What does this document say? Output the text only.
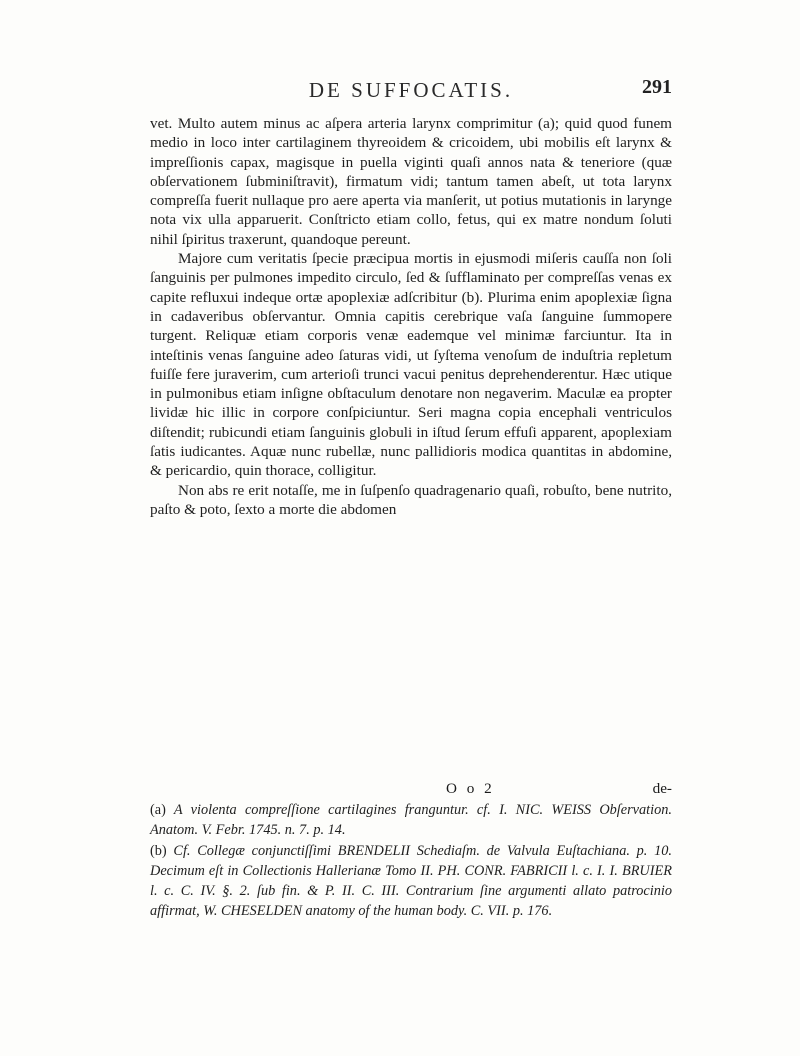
DE SUFFOCATIS.	291

vet. Multo autem minus ac aſpera arteria larynx comprimitur (a); quid quod funem medio in loco inter cartilaginem thyreoidem & cricoidem, ubi mobilis eſt larynx & impreſſionis capax, magisque in puella viginti quaſi annos nata & teneriore (quæ obſervationem ſubminiſtravit), firmatum vidi; tantum tamen abeſt, ut tota larynx compreſſa fuerit nullaque pro aere aperta via manſerit, ut potius mutationis in larynge nota vix ulla apparuerit. Conſtricto etiam collo, fetus, qui ex matre nondum ſoluti nihil ſpiritus traxerunt, quandoque pereunt.

Majore cum veritatis ſpecie præcipua mortis in ejusmodi miſeris cauſſa non ſoli ſanguinis per pulmones impedito circulo, ſed & ſufflaminato per compreſſas venas ex capite refluxui indeque ortæ apoplexiæ adſcribitur (b). Plurima enim apoplexiæ ſigna in cadaveribus obſervantur. Omnia capitis cerebrique vaſa ſanguine ſummopere turgent. Reliquæ etiam corporis venæ eademque vel minimæ farciuntur. Ita in inteſtinis venas ſanguine adeo ſaturas vidi, ut ſyſtema venoſum de induſtria repletum fuiſſe fere juraverim, cum arterioſi trunci vacui penitus deprehenderentur. Hæc utique in pulmonibus etiam inſigne obſtaculum denotare non negaverim. Maculæ ea propter lividæ hic illic in corpore conſpiciuntur. Seri magna copia encephali ventriculos diſtendit; rubicundi etiam ſanguinis globuli in iſtud ſerum effuſi apparent, apoplexiam ſatis iudicantes. Aquæ nunc rubellæ, nunc pallidioris modica quantitas in abdomine, & pericardio, quin thorace, colligitur.

Non abs re erit notaſſe, me in ſuſpenſo quadragenario quaſi, robuſto, bene nutrito, paſto & poto, ſexto a morte die abdomen

O o 2	de-

(a) A violenta compreſſione cartilagines franguntur. cf. I. NIC. WEISS Obſervation. Anatom. V. Febr. 1745. n. 7. p. 14.

(b) Cf. Collegæ conjunctiſſimi BRENDELII Schediaſm. de Valvula Euſtachiana. p. 10. Decimum eſt in Collectionis Hallerianæ Tomo II. PH. CONR. FABRICII l. c. I. I. BRUIER l. c. C. IV. §. 2. ſub fin. & P. II. C. III. Contrarium ſine argumenti allato patrocinio affirmat, W. CHESELDEN anatomy of the human body. C. VII. p. 176.
